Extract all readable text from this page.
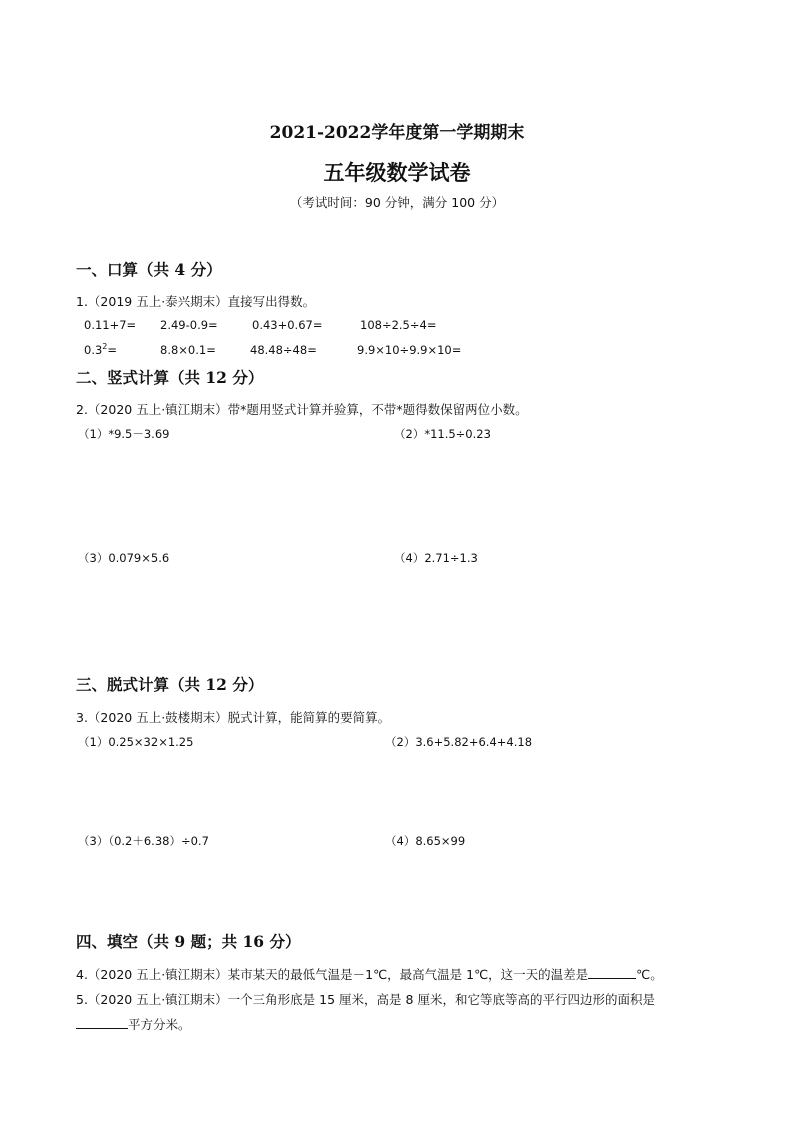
2021-2022学年度第一学期期末
五年级数学试卷
（考试时间：90 分钟，满分 100 分）
一、口算（共 4 分）
1.（2019 五上·泰兴期末）直接写出得数。
0.11+7= 2.49-0.9=	0.43+0.67=	108÷2.5÷4=
$0.3^2=$	8.8×0.1=	48.48÷48=	9.9×10÷9.9×10=
二、竖式计算（共 12 分）
2.（2020 五上·镇江期末）带*题用竖式计算并验算，不带*题得数保留两位小数。
（1）*9.5－3.69	（2）*11.5÷0.23
（3）0.079×5.6	（4）2.71÷1.3
三、脱式计算（共 12 分）
3.（2020 五上·鼓楼期末）脱式计算，能简算的要简算。
（1）0.25×32×1.25	（2）3.6+5.82+6.4+4.18
（3）（0.2＋6.38）÷0.7	（4）8.65×99
四、填空（共 9 题；共 16 分）
4.（2020 五上·镇江期末）某市某天的最低气温是－1℃，最高气温是 1℃，这一天的温差是	℃。
5.（2020 五上·镇江期末）一个三角形底是 15 厘米，高是 8 厘米，和它等底等高的平行四边形的面积是
平方分米。
